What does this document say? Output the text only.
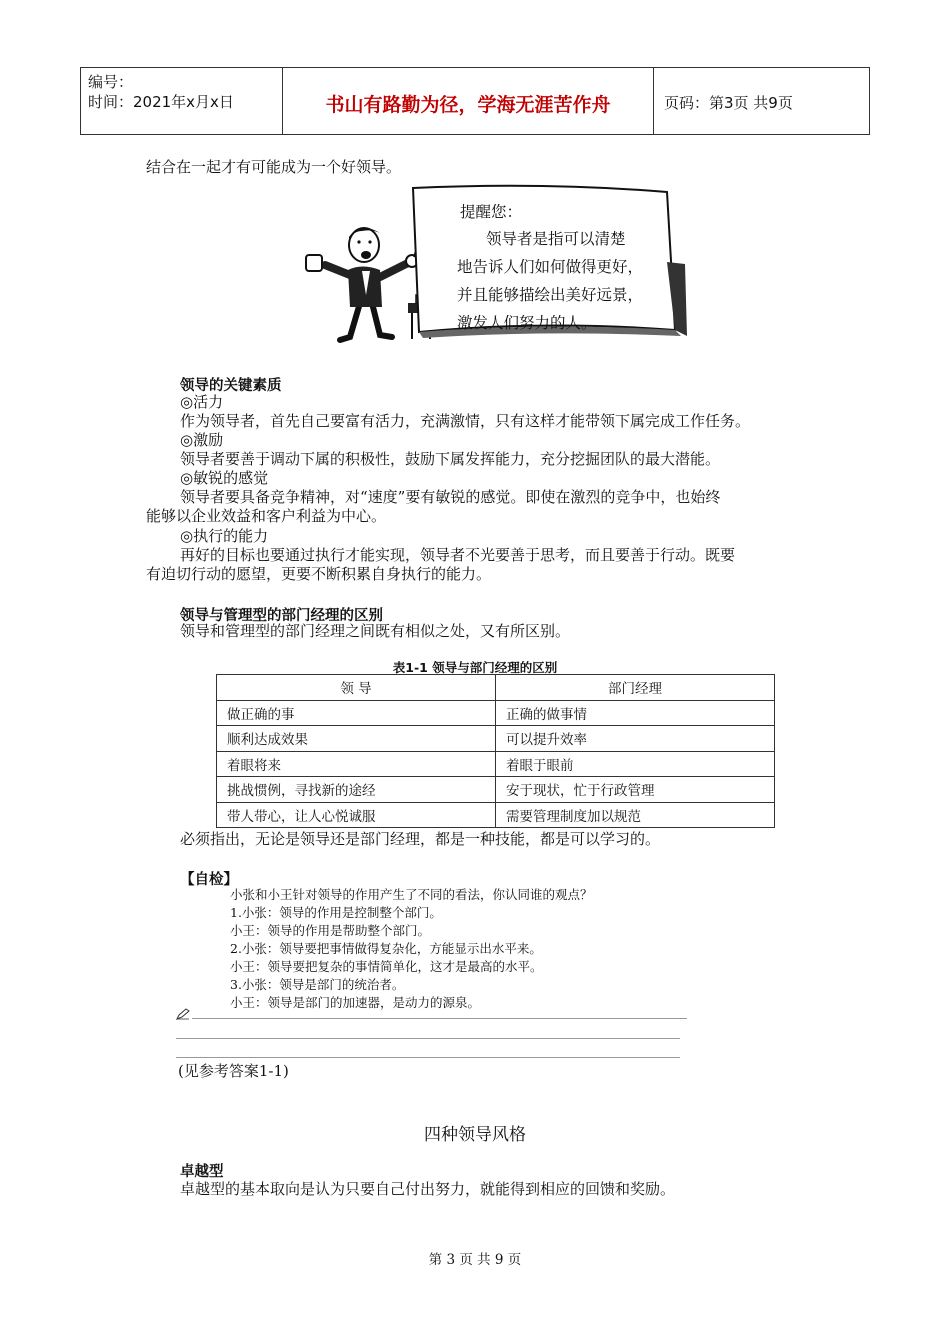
编号：
时间：2021年x月x日	书山有路勤为径，学海无涯苦作舟	页码：第3页 共9页
结合在一起才有可能成为一个好领导。
提醒您：
领导者是指可以清楚
地告诉人们如何做得更好，
并且能够描绘出美好远景，
激发人们努力的人。
领导的关键素质
◎活力
作为领导者，首先自己要富有活力，充满激情，只有这样才能带领下属完成工作任务。
◎激励
领导者要善于调动下属的积极性，鼓励下属发挥能力，充分挖掘团队的最大潜能。
◎敏锐的感觉
领导者要具备竞争精神，对“速度”要有敏锐的感觉。即使在激烈的竞争中，也始终
能够以企业效益和客户利益为中心。
◎执行的能力
再好的目标也要通过执行才能实现，领导者不光要善于思考，而且要善于行动。既要
有迫切行动的愿望，更要不断积累自身执行的能力。
领导与管理型的部门经理的区别
领导和管理型的部门经理之间既有相似之处，又有所区别。
表1-1 领导与部门经理的区别
领 导	部门经理
做正确的事	正确的做事情
顺利达成效果	可以提升效率
着眼将来	着眼于眼前
挑战惯例，寻找新的途经	安于现状，忙于行政管理
带人带心，让人心悦诚服	需要管理制度加以规范
必须指出，无论是领导还是部门经理，都是一种技能，都是可以学习的。
【自检】
小张和小王针对领导的作用产生了不同的看法，你认同谁的观点？
1.小张：领导的作用是控制整个部门。
小王：领导的作用是帮助整个部门。
2.小张：领导要把事情做得复杂化，方能显示出水平来。
小王：领导要把复杂的事情简单化，这才是最高的水平。
3.小张：领导是部门的统治者。
小王：领导是部门的加速器，是动力的源泉。
(见参考答案1-1)
四种领导风格
卓越型
卓越型的基本取向是认为只要自己付出努力，就能得到相应的回馈和奖励。
第 3 页 共 9 页
